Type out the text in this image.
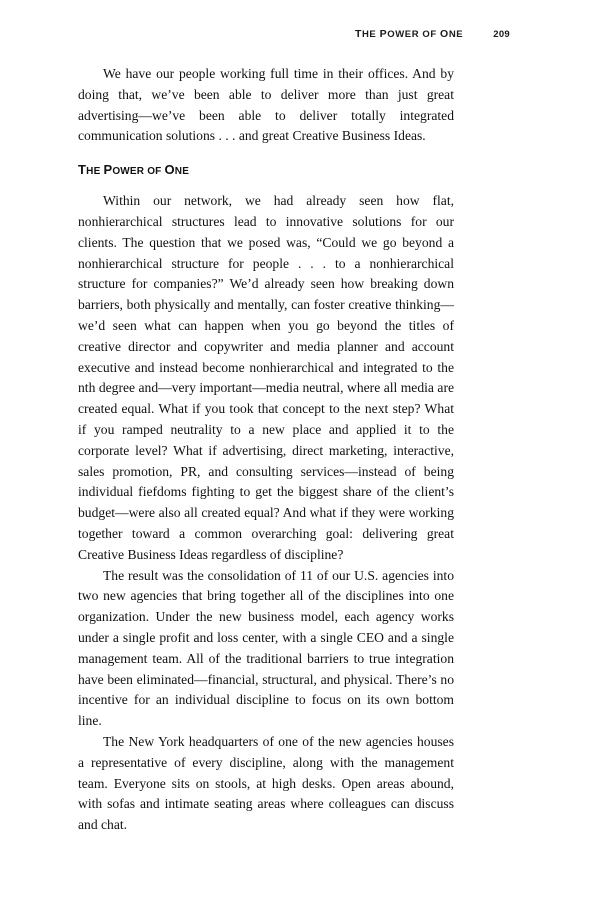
THE POWER OF ONE	209

We have our people working full time in their offices. And by doing that, we’ve been able to deliver more than just great advertising—we’ve been able to deliver totally integrated communication solutions . . . and great Creative Business Ideas.

THE POWER OF ONE

Within our network, we had already seen how flat, nonhierarchical structures lead to innovative solutions for our clients. The question that we posed was, “Could we go beyond a nonhierarchical structure for people . . . to a nonhierarchical structure for companies?” We’d already seen how breaking down barriers, both physically and mentally, can foster creative thinking—we’d seen what can happen when you go beyond the titles of creative director and copywriter and media planner and account executive and instead become nonhierarchical and integrated to the nth degree and—very important—media neutral, where all media are created equal. What if you took that concept to the next step? What if you ramped neutrality to a new place and applied it to the corporate level? What if advertising, direct marketing, interactive, sales promotion, PR, and consulting services—instead of being individual fiefdoms fighting to get the biggest share of the client’s budget—were also all created equal? And what if they were working together toward a common overarching goal: delivering great Creative Business Ideas regardless of discipline?

The result was the consolidation of 11 of our U.S. agencies into two new agencies that bring together all of the disciplines into one organization. Under the new business model, each agency works under a single profit and loss center, with a single CEO and a single management team. All of the traditional barriers to true integration have been eliminated—financial, structural, and physical. There’s no incentive for an individual discipline to focus on its own bottom line.

The New York headquarters of one of the new agencies houses a representative of every discipline, along with the management team. Everyone sits on stools, at high desks. Open areas abound, with sofas and intimate seating areas where colleagues can discuss and chat.
